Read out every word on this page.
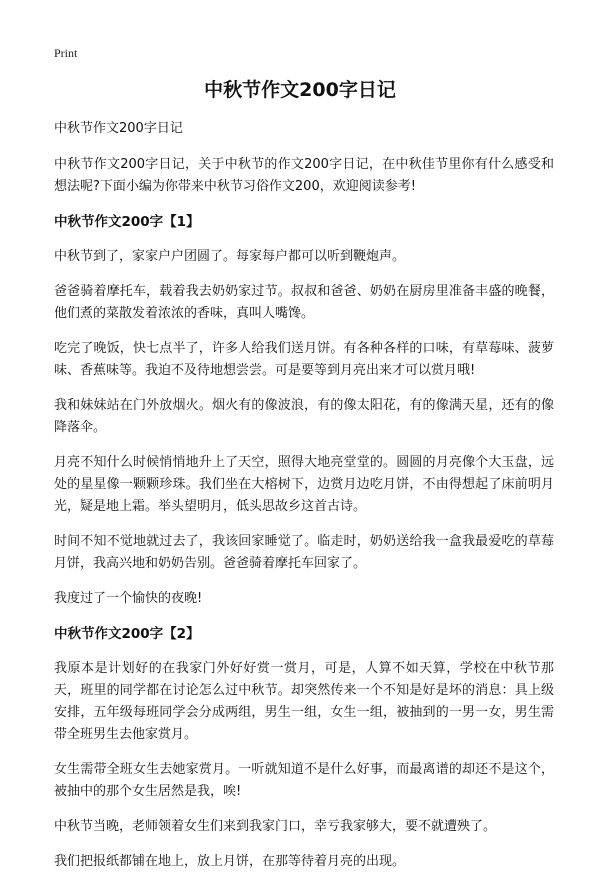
Print
中秋节作文200字日记

中秋节作文200字日记

中秋节作文200字日记，关于中秋节的作文200字日记，在中秋佳节里你有什么感受和想法呢?下面小编为你带来中秋节习俗作文200，欢迎阅读参考!

中秋节作文200字【1】

中秋节到了，家家户户团圆了。每家每户都可以听到鞭炮声。

爸爸骑着摩托车，载着我去奶奶家过节。叔叔和爸爸、奶奶在厨房里准备丰盛的晚餐，他们煮的菜散发着浓浓的香味，真叫人嘴馋。

吃完了晚饭，快七点半了，许多人给我们送月饼。有各种各样的口味，有草莓味、菠萝味、香蕉味等。我迫不及待地想尝尝。可是要等到月亮出来才可以赏月哦!

我和妹妹站在门外放烟火。烟火有的像波浪，有的像太阳花，有的像满天星，还有的像降落伞。

月亮不知什么时候悄悄地升上了天空，照得大地亮堂堂的。圆圆的月亮像个大玉盘，远处的星星像一颗颗珍珠。我们坐在大榕树下，边赏月边吃月饼，不由得想起了床前明月光，疑是地上霜。举头望明月，低头思故乡这首古诗。

时间不知不觉地就过去了，我该回家睡觉了。临走时，奶奶送给我一盒我最爱吃的草莓月饼，我高兴地和奶奶告别。爸爸骑着摩托车回家了。

我度过了一个愉快的夜晚!

中秋节作文200字【2】

我原本是计划好的在我家门外好好赏一赏月，可是，人算不如天算，学校在中秋节那天，班里的同学都在讨论怎么过中秋节。却突然传来一个不知是好是坏的消息：具上级安排，五年级每班同学会分成两组，男生一组，女生一组，被抽到的一男一女，男生需带全班男生去他家赏月。

女生需带全班女生去她家赏月。一听就知道不是什么好事，而最离谱的却还不是这个，被抽中的那个女生居然是我，唉!

中秋节当晚，老师领着女生们来到我家门口，幸亏我家够大，要不就遭殃了。

我们把报纸都铺在地上，放上月饼，在那等待着月亮的出现。
